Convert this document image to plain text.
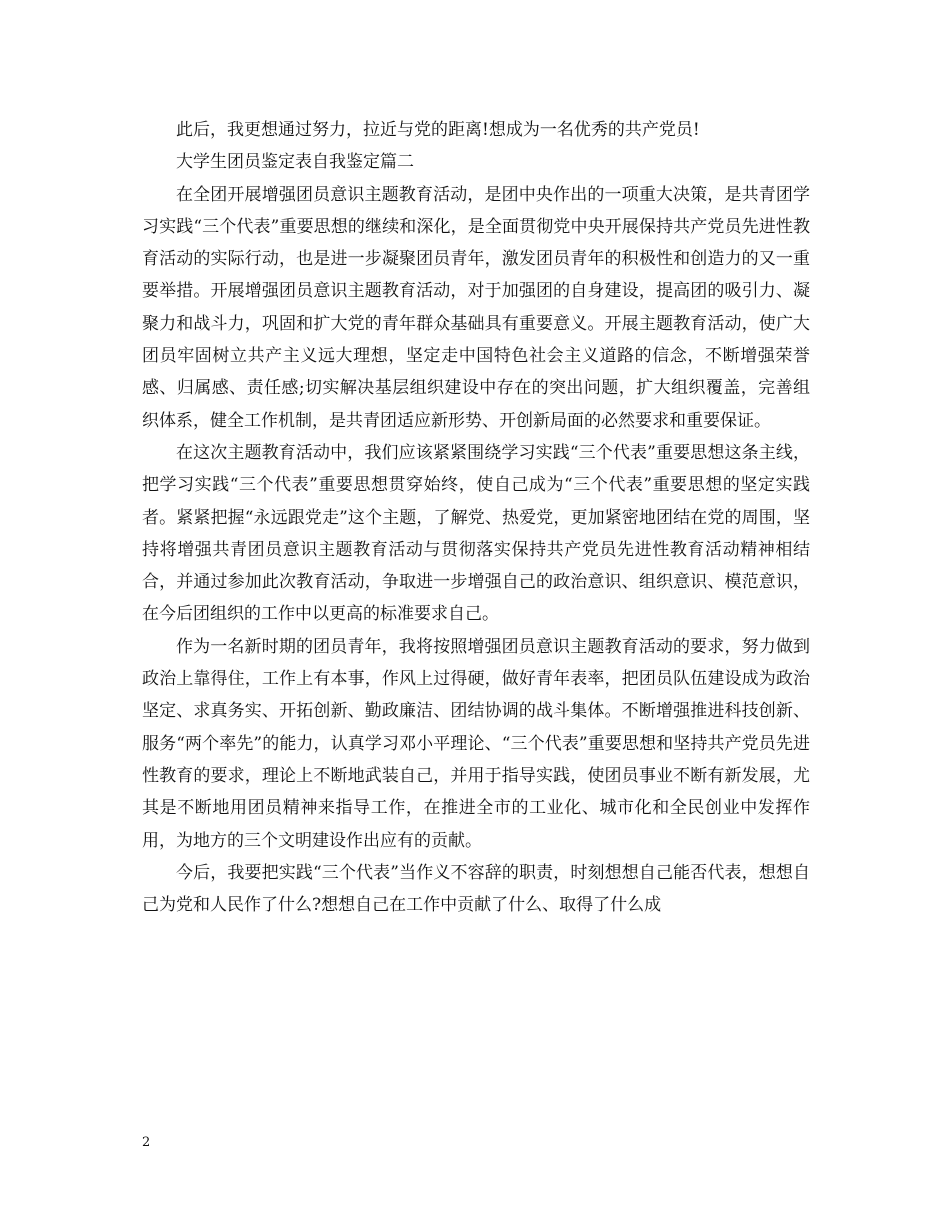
此后，我更想通过努力，拉近与党的距离!想成为一名优秀的共产党员!

大学生团员鉴定表自我鉴定篇二

在全团开展增强团员意识主题教育活动，是团中央作出的一项重大决策，是共青团学习实践“三个代表”重要思想的继续和深化，是全面贯彻党中央开展保持共产党员先进性教育活动的实际行动，也是进一步凝聚团员青年，激发团员青年的积极性和创造力的又一重要举措。开展增强团员意识主题教育活动，对于加强团的自身建设，提高团的吸引力、凝聚力和战斗力，巩固和扩大党的青年群众基础具有重要意义。开展主题教育活动，使广大团员牢固树立共产主义远大理想，坚定走中国特色社会主义道路的信念，不断增强荣誉感、归属感、责任感;切实解决基层组织建设中存在的突出问题，扩大组织覆盖，完善组织体系，健全工作机制，是共青团适应新形势、开创新局面的必然要求和重要保证。

在这次主题教育活动中，我们应该紧紧围绕学习实践“三个代表”重要思想这条主线，把学习实践“三个代表”重要思想贯穿始终，使自己成为“三个代表”重要思想的坚定实践者。紧紧把握“永远跟党走”这个主题，了解党、热爱党，更加紧密地团结在党的周围，坚持将增强共青团员意识主题教育活动与贯彻落实保持共产党员先进性教育活动精神相结合，并通过参加此次教育活动，争取进一步增强自己的政治意识、组织意识、模范意识，在今后团组织的工作中以更高的标准要求自己。

作为一名新时期的团员青年，我将按照增强团员意识主题教育活动的要求，努力做到政治上靠得住，工作上有本事，作风上过得硬，做好青年表率，把团员队伍建设成为政治坚定、求真务实、开拓创新、勤政廉洁、团结协调的战斗集体。不断增强推进科技创新、服务“两个率先”的能力，认真学习邓小平理论、“三个代表”重要思想和坚持共产党员先进性教育的要求，理论上不断地武装自己，并用于指导实践，使团员事业不断有新发展，尤其是不断地用团员精神来指导工作，在推进全市的工业化、城市化和全民创业中发挥作用，为地方的三个文明建设作出应有的贡献。

今后，我要把实践“三个代表”当作义不容辞的职责，时刻想想自己能否代表，想想自己为党和人民作了什么?想想自己在工作中贡献了什么、取得了什么成

2
